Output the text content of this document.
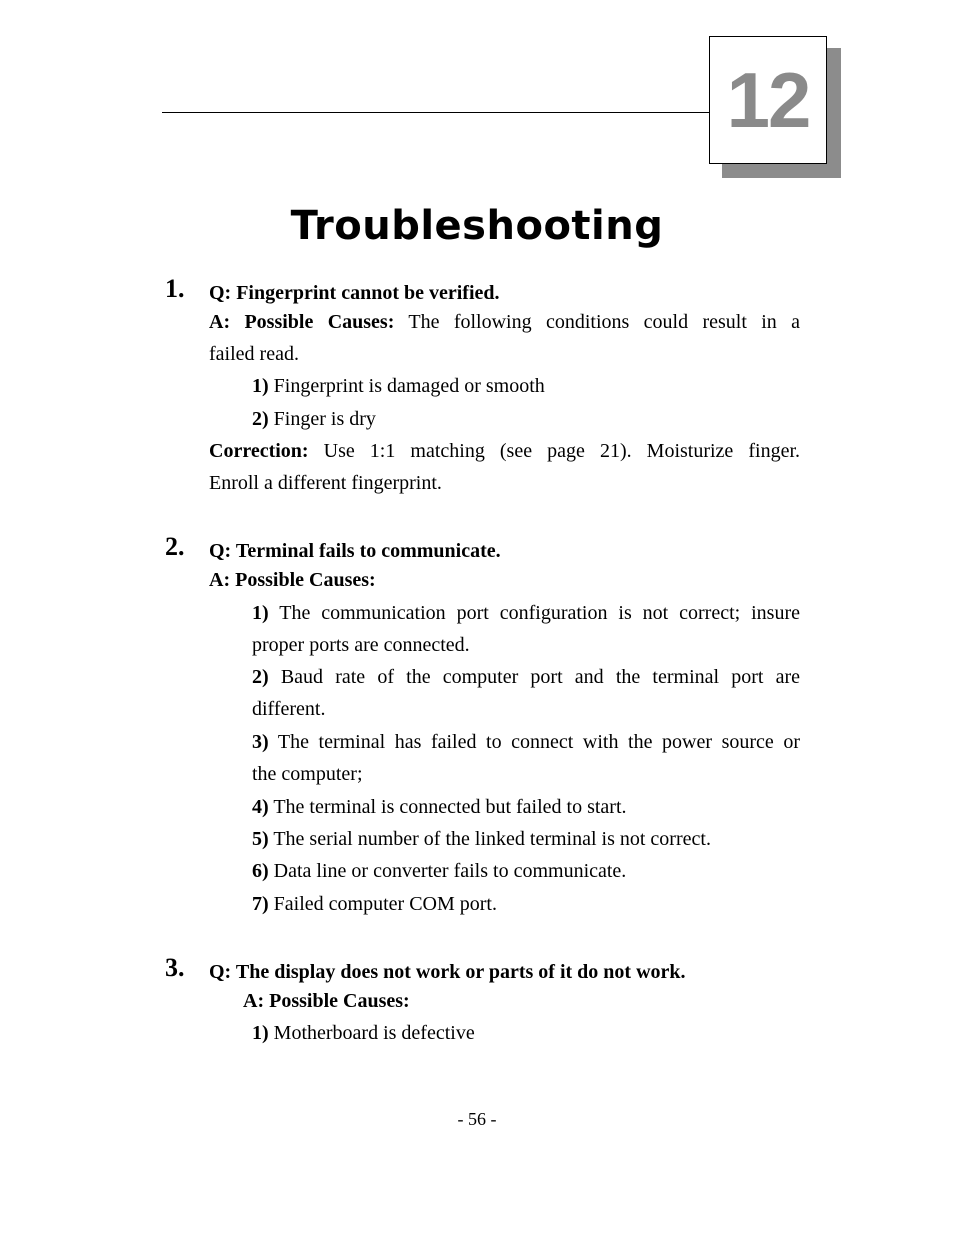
12
Troubleshooting
1. Q: Fingerprint cannot be verified.
A: Possible Causes: The following conditions could result in a
failed read.
1) Fingerprint is damaged or smooth
2) Finger is dry
Correction: Use 1:1 matching (see page 21). Moisturize finger.
Enroll a different fingerprint.
2. Q: Terminal fails to communicate.
A: Possible Causes:
1) The communication port configuration is not correct; insure
proper ports are connected.
2) Baud rate of the computer port and the terminal port are
different.
3) The terminal has failed to connect with the power source or
the computer;
4) The terminal is connected but failed to start.
5) The serial number of the linked terminal is not correct.
6) Data line or converter fails to communicate.
7) Failed computer COM port.
3. Q: The display does not work or parts of it do not work.
A: Possible Causes:
1) Motherboard is defective
- 56 -
